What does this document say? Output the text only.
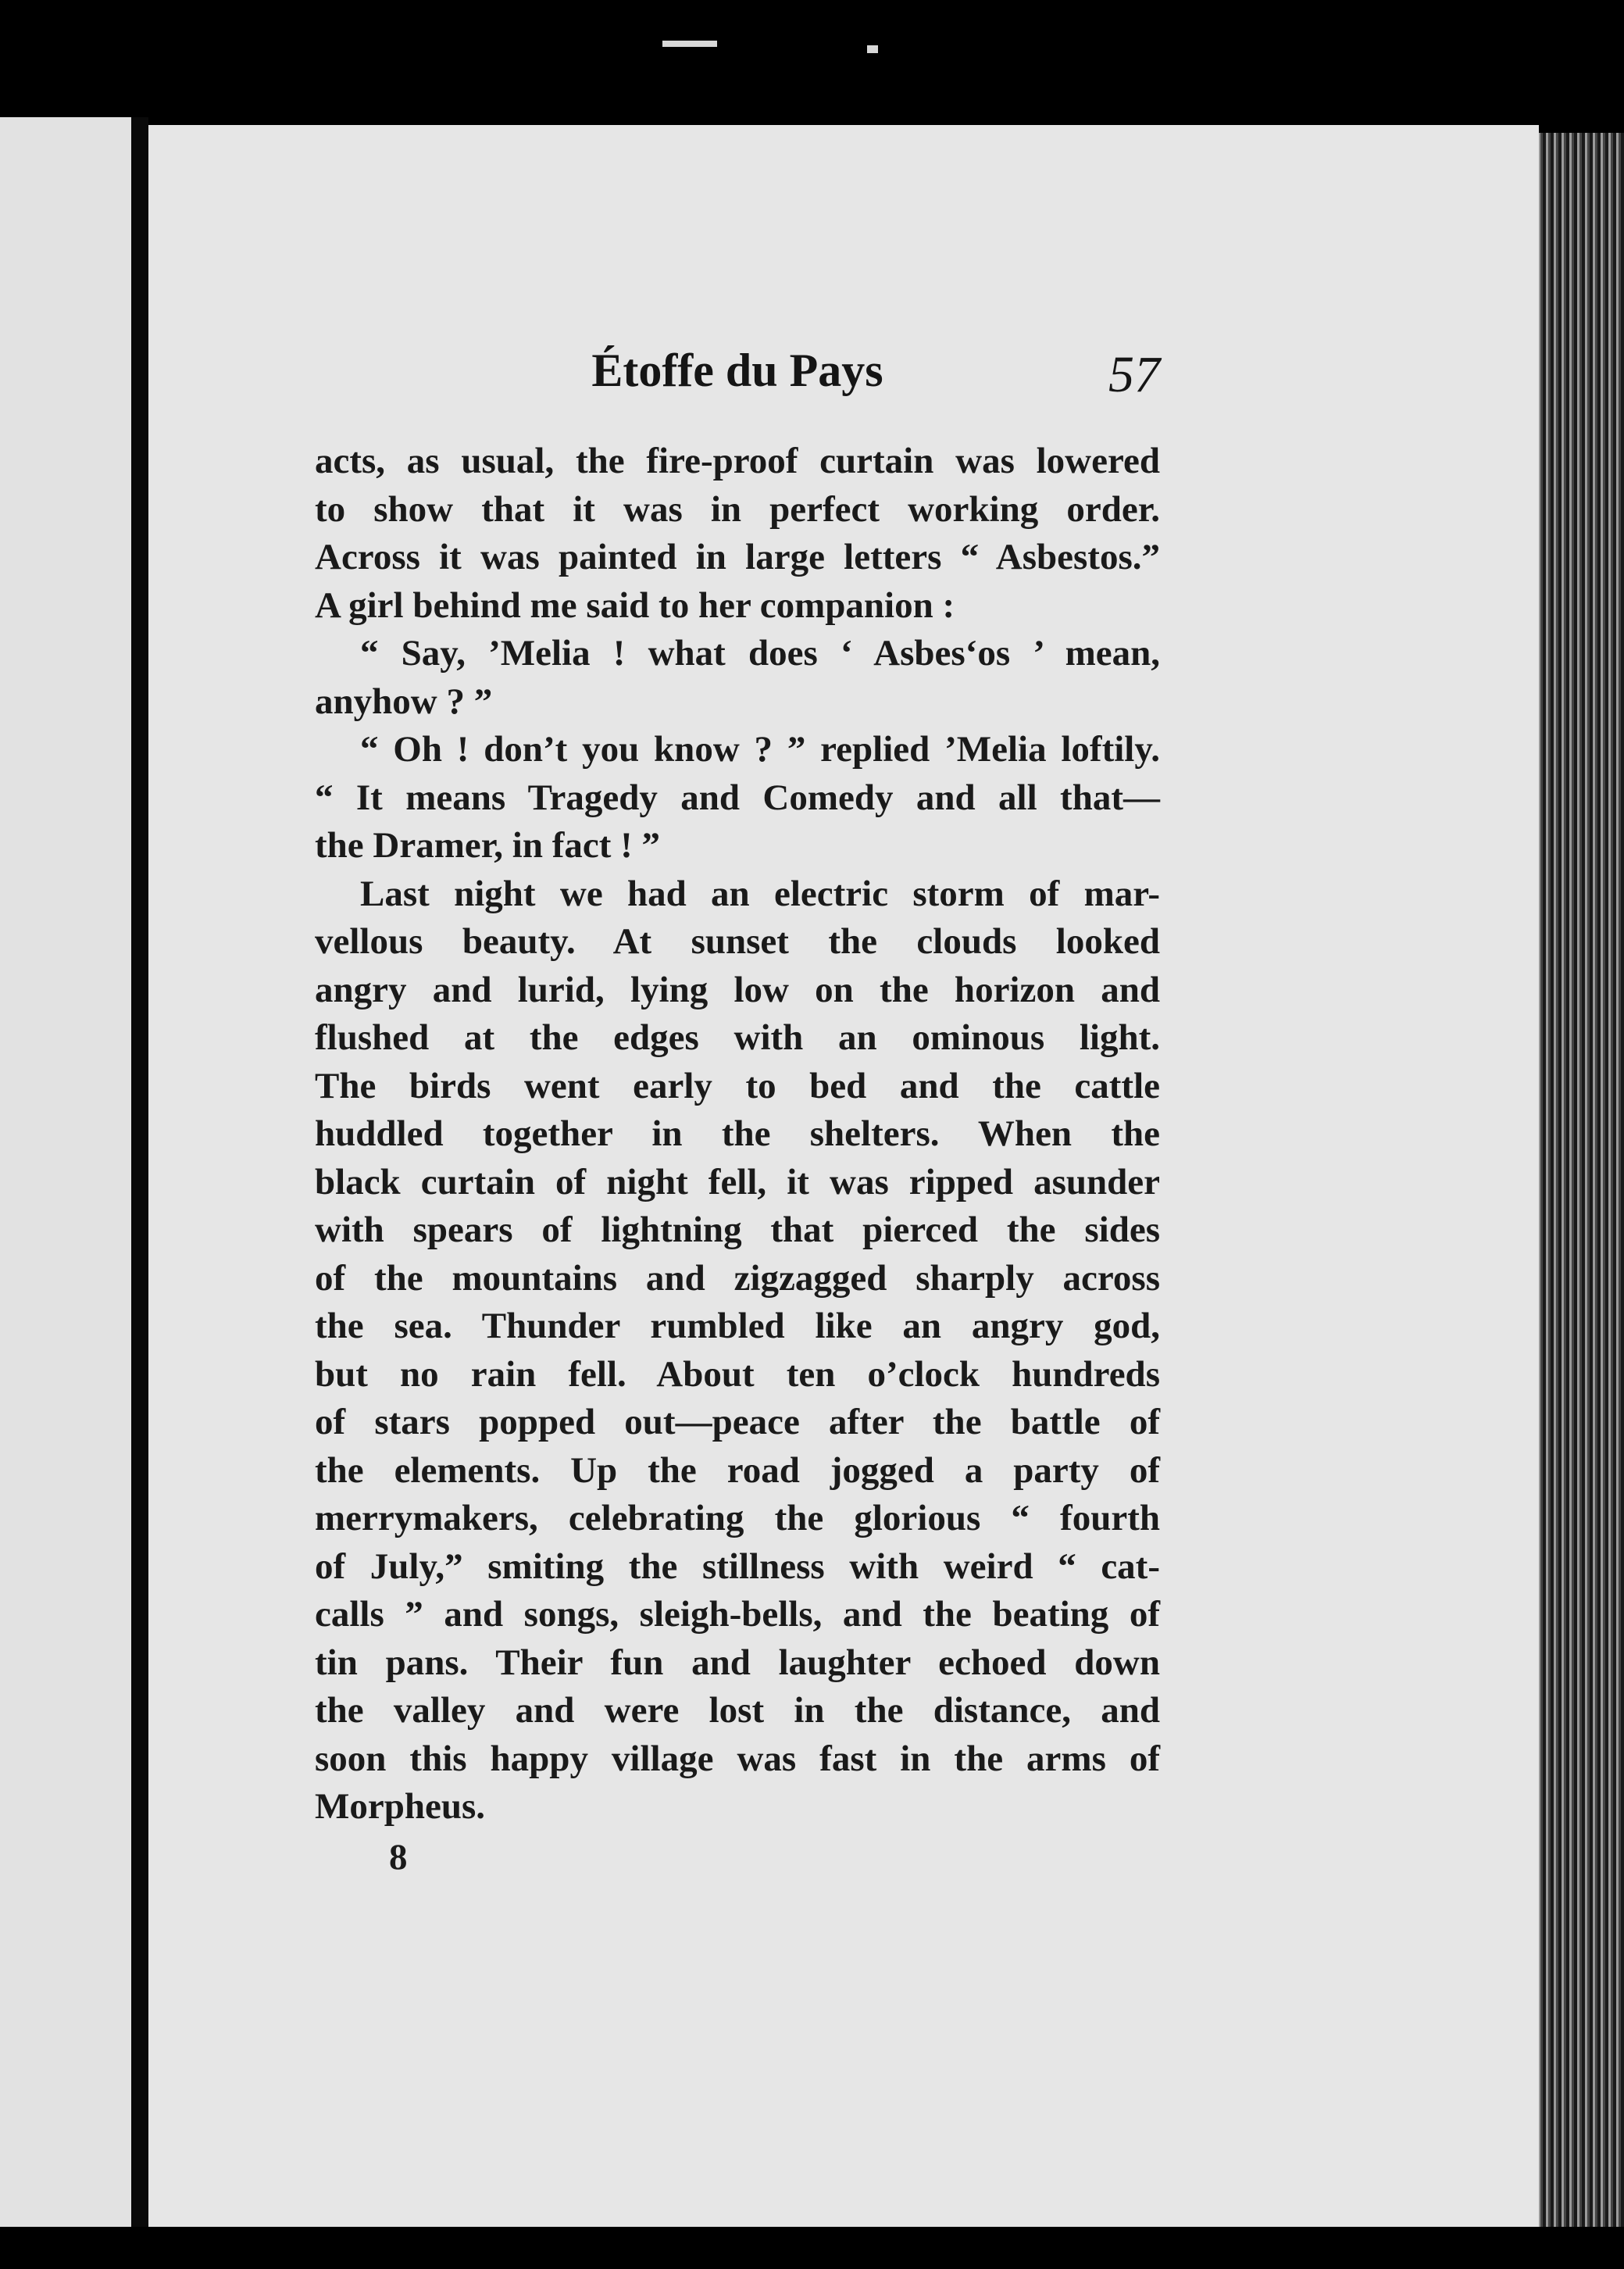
Étoffe du Pays	57
acts, as usual, the fire-proof curtain was lowered
to show that it was in perfect working order.
Across it was painted in large letters “ Asbestos.”
A girl behind me said to her companion :
“ Say, ’Melia ! what does ‘ Asbes‘os ’ mean,
anyhow ? ”
“ Oh ! don’t you know ? ” replied ’Melia loftily.
“ It means Tragedy and Comedy and all that—
the Dramer, in fact ! ”
Last night we had an electric storm of mar-
vellous beauty. At sunset the clouds looked
angry and lurid, lying low on the horizon and
flushed at the edges with an ominous light.
The birds went early to bed and the cattle
huddled together in the shelters. When the
black curtain of night fell, it was ripped asunder
with spears of lightning that pierced the sides
of the mountains and zigzagged sharply across
the sea. Thunder rumbled like an angry god,
but no rain fell. About ten o’clock hundreds
of stars popped out—peace after the battle of
the elements. Up the road jogged a party of
merrymakers, celebrating the glorious “ fourth
of July,” smiting the stillness with weird “ cat-
calls ” and songs, sleigh-bells, and the beating of
tin pans. Their fun and laughter echoed down
the valley and were lost in the distance, and
soon this happy village was fast in the arms of
Morpheus.
8
